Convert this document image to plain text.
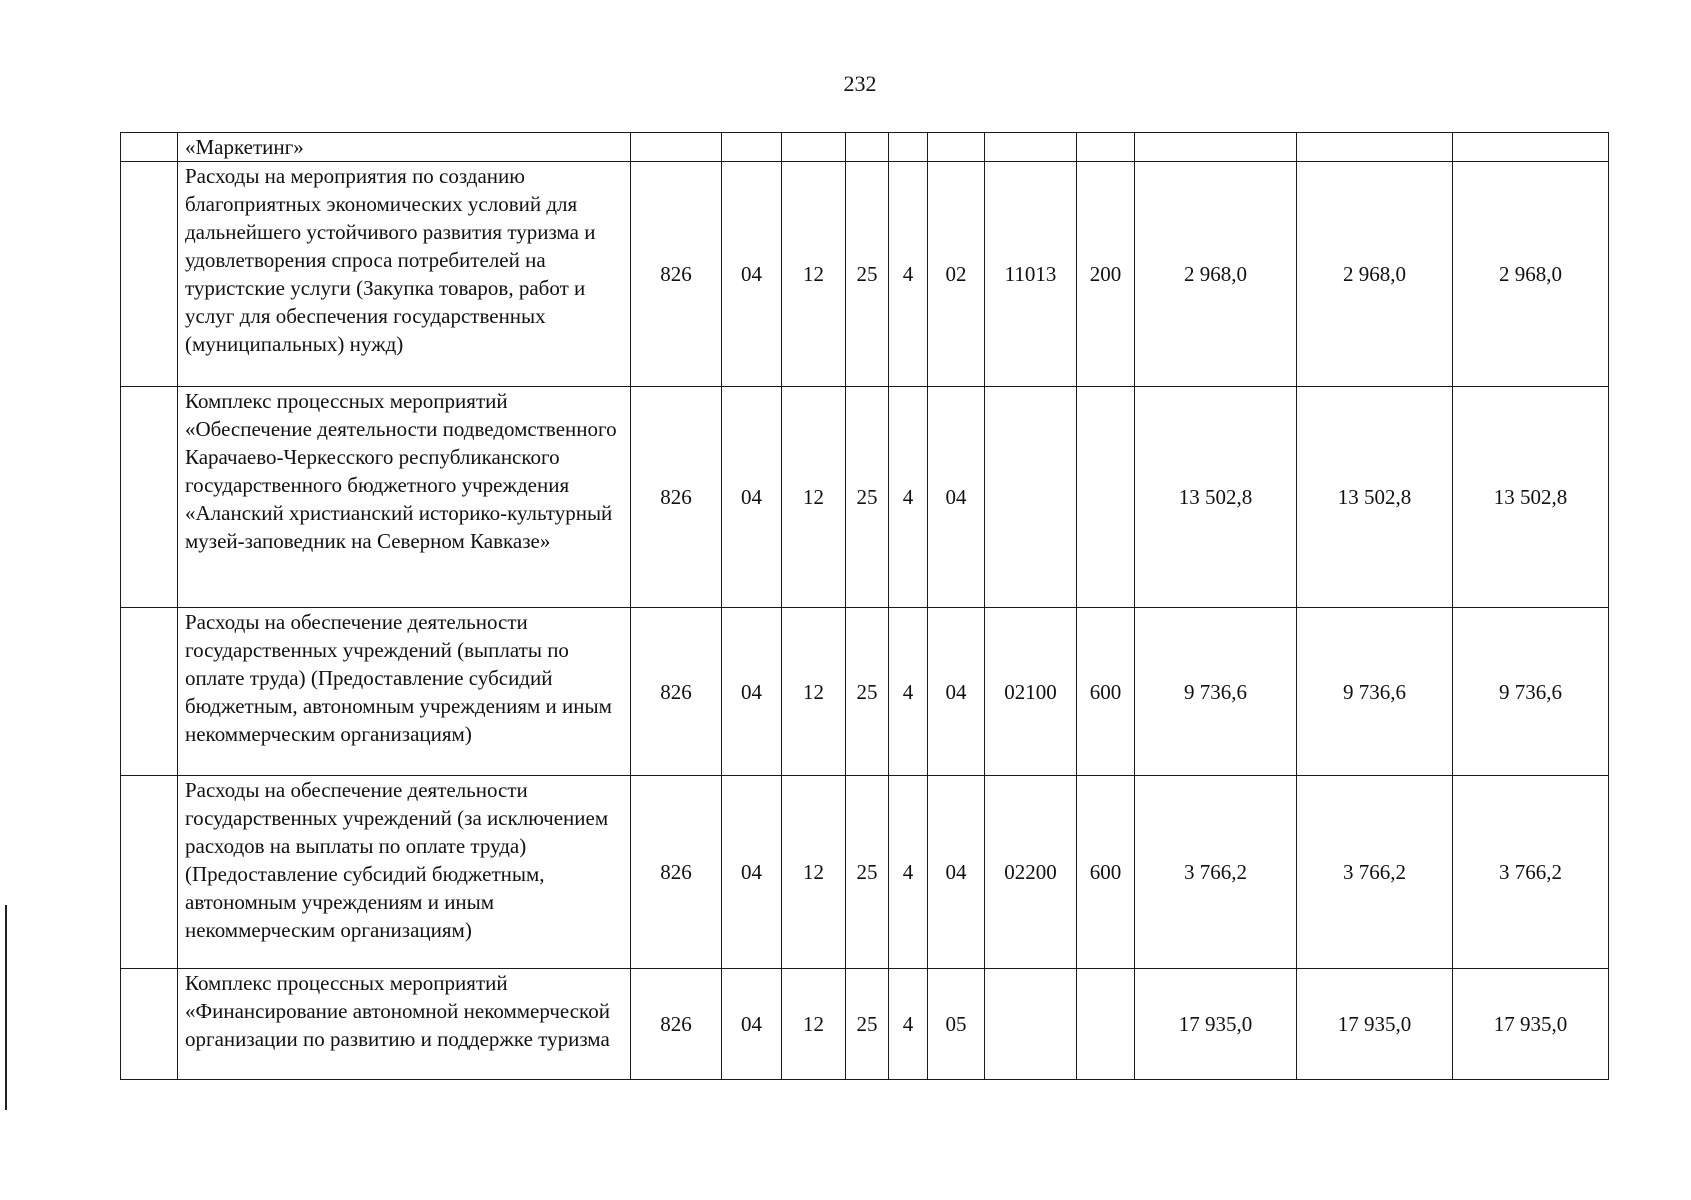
232
	«Маркетинг»											
	Расходы на мероприятия по созданию благоприятных экономических условий для дальнейшего устойчивого развития туризма и удовлетворения спроса потребителей на туристские услуги (Закупка товаров, работ и услуг для обеспечения государственных (муниципальных) нужд)	826	04	12	25	4	02	11013	200	2 968,0	2 968,0	2 968,0
	Комплекс процессных мероприятий «Обеспечение деятельности подведомственного Карачаево-Черкесского республиканского государственного бюджетного учреждения «Аланский христианский историко-культурный музей-заповедник на Северном Кавказе»	826	04	12	25	4	04			13 502,8	13 502,8	13 502,8
	Расходы на обеспечение деятельности государственных учреждений (выплаты по оплате труда) (Предоставление субсидий бюджетным, автономным учреждениям и иным некоммерческим организациям)	826	04	12	25	4	04	02100	600	9 736,6	9 736,6	9 736,6
	Расходы на обеспечение деятельности государственных учреждений (за исключением расходов на выплаты по оплате труда) (Предоставление субсидий бюджетным, автономным учреждениям и иным некоммерческим организациям)	826	04	12	25	4	04	02200	600	3 766,2	3 766,2	3 766,2
	Комплекс процессных мероприятий «Финансирование автономной некоммерческой организации по развитию и поддержке туризма	826	04	12	25	4	05			17 935,0	17 935,0	17 935,0
